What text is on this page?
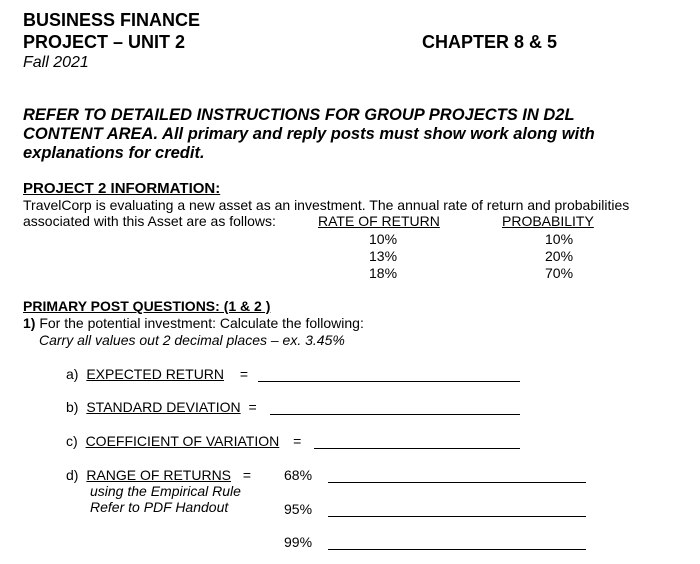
BUSINESS FINANCE
PROJECT – UNIT 2
Fall 2021
CHAPTER 8 & 5
REFER TO DETAILED INSTRUCTIONS FOR GROUP PROJECTS IN D2L
CONTENT AREA. All primary and reply posts must show work along with
explanations for credit.
PROJECT 2 INFORMATION:
TravelCorp is evaluating a new asset as an investment. The annual rate of return and probabilities
associated with this Asset are as follows:	RATE OF RETURN	PROBABILITY
10%	10%
13%	20%
18%	70%
PRIMARY POST QUESTIONS: (1 & 2 )
1) For the potential investment: Calculate the following:
Carry all values out 2 decimal places – ex. 3.45%
a) EXPECTED RETURN =
b) STANDARD DEVIATION =
c) COEFFICIENT OF VARIATION =
d) RANGE OF RETURNS =
using the Empirical Rule
Refer to PDF Handout
68%
95%
99%
